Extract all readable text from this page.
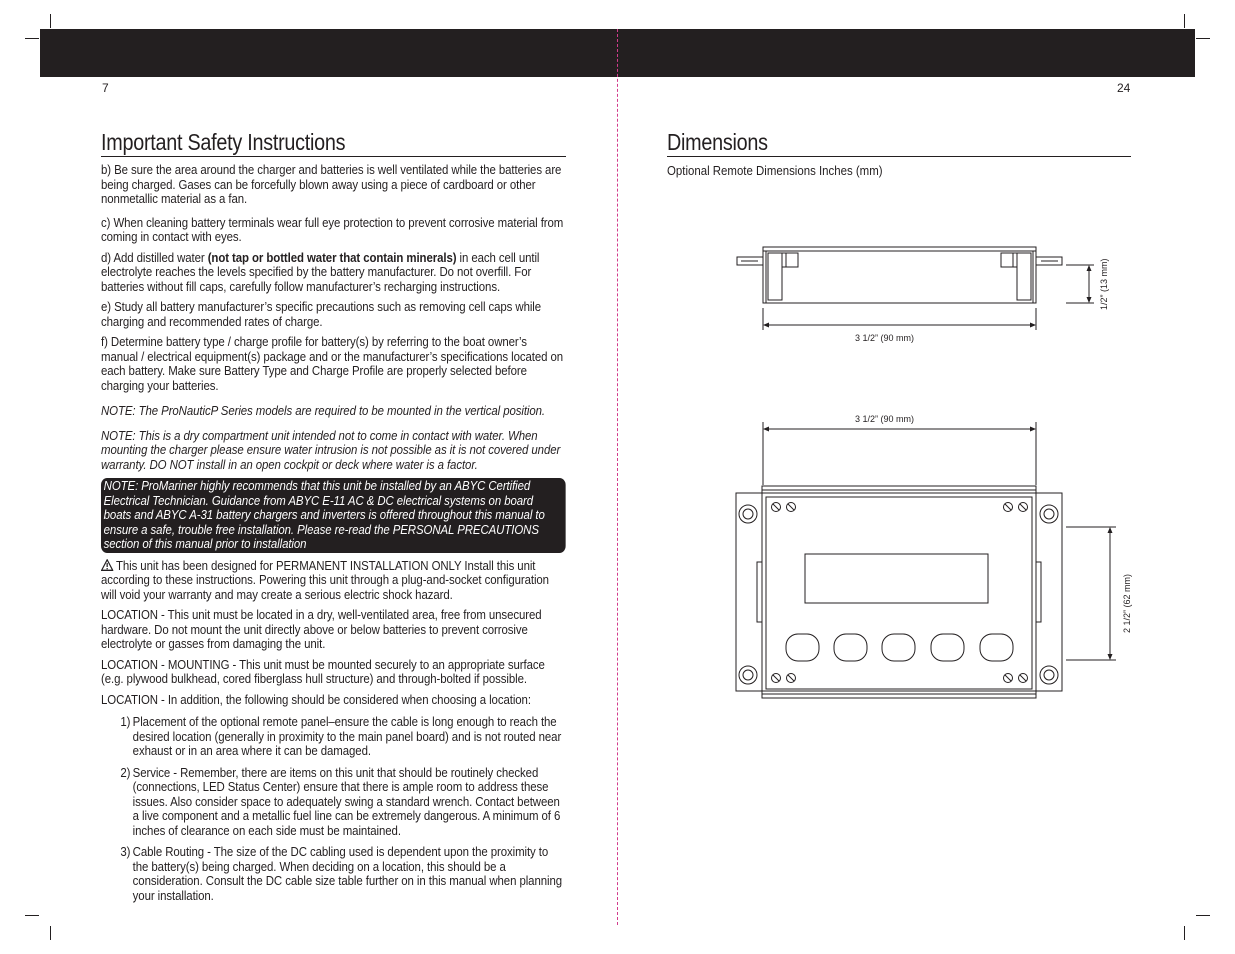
7
Important Safety Instructions

b) Be sure the area around the charger and batteries is well ventilated while the batteries are being charged. Gases can be forcefully blown away using a piece of cardboard or other nonmetallic material as a fan.

c) When cleaning battery terminals wear full eye protection to prevent corrosive material from coming in contact with eyes.

d) Add distilled water (not tap or bottled water that contain minerals) in each cell until electrolyte reaches the levels specified by the battery manufacturer. Do not overfill. For batteries without fill caps, carefully follow manufacturer’s recharging instructions.

e) Study all battery manufacturer’s specific precautions such as removing cell caps while charging and recommended rates of charge.

f) Determine battery type / charge profile for battery(s) by referring to the boat owner’s manual / electrical equipment(s) package and or the manufacturer’s specifications located on each battery. Make sure Battery Type and Charge Profile are properly selected before charging your batteries.

NOTE: The ProNauticP Series models are required to be mounted in the vertical position.

NOTE: This is a dry compartment unit intended not to come in contact with water. When mounting the charger please ensure water intrusion is not possible as it is not covered under warranty. DO NOT install in an open cockpit or deck where water is a factor.

NOTE: ProMariner highly recommends that this unit be installed by an ABYC Certified Electrical Technician. Guidance from ABYC E-11 AC & DC electrical systems on board boats and ABYC A-31 battery chargers and inverters is offered throughout this manual to ensure a safe, trouble free installation. Please re-read the PERSONAL PRECAUTIONS section of this manual prior to installation

This unit has been designed for PERMANENT INSTALLATION ONLY Install this unit according to these instructions. Powering this unit through a plug-and-socket configuration will void your warranty and may create a serious electric shock hazard.

LOCATION - This unit must be located in a dry, well-ventilated area, free from unsecured hardware. Do not mount the unit directly above or below batteries to prevent corrosive electrolyte or gasses from damaging the unit.

LOCATION - MOUNTING - This unit must be mounted securely to an appropriate surface (e.g. plywood bulkhead, cored fiberglass hull structure) and through-bolted if possible.

LOCATION - In addition, the following should be considered when choosing a location:

1) Placement of the optional remote panel–ensure the cable is long enough to reach the desired location (generally in proximity to the main panel board) and is not routed near exhaust or in an area where it can be damaged.
2) Service - Remember, there are items on this unit that should be routinely checked (connections, LED Status Center) ensure that there is ample room to address these issues. Also consider space to adequately swing a standard wrench. Contact between a live component and a metallic fuel line can be extremely dangerous. A minimum of 6 inches of clearance on each side must be maintained.
3) Cable Routing - The size of the DC cabling used is dependent upon the proximity to the battery(s) being charged. When deciding on a location, this should be a consideration. Consult the DC cable size table further on in this manual when planning your installation.
24
Dimensions
Optional Remote Dimensions Inches (mm)
3 1/2” (90 mm)
1/2” (13 mm)
3 1/2” (90 mm)
2 1/2” (62 mm)
